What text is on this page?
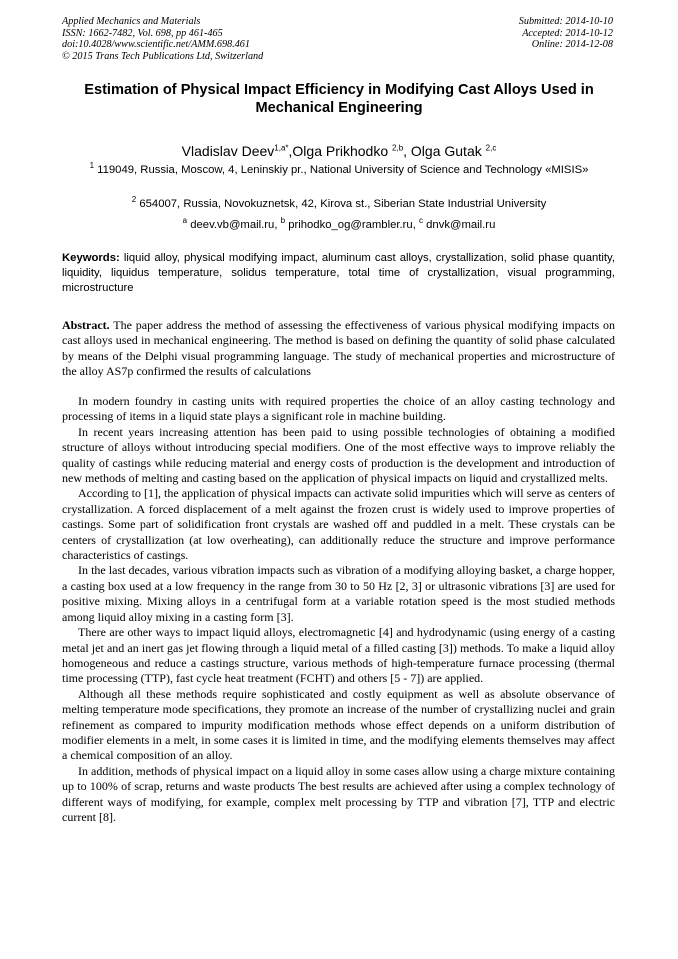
Applied Mechanics and Materials
ISSN: 1662-7482, Vol. 698, pp 461-465
doi:10.4028/www.scientific.net/AMM.698.461
© 2015 Trans Tech Publications Ltd, Switzerland
Submitted: 2014-10-10
Accepted: 2014-10-12
Online: 2014-12-08
Estimation of Physical Impact Efficiency in Modifying Cast Alloys Used in Mechanical Engineering
Vladislav Deev$^{1,a*}$,Olga Prikhodko $^{2,b}$, Olga Gutak $^{2,c}$
$^1$ 119049, Russia, Moscow, 4, Leninskiy pr., National University of Science and Technology «MISIS»
$^2$ 654007, Russia, Novokuznetsk, 42, Kirova st., Siberian State Industrial University
$^a$ deev.vb@mail.ru, $^b$ prihodko_og@rambler.ru, $^c$ dnvk@mail.ru
Keywords: liquid alloy, physical modifying impact, aluminum cast alloys, crystallization, solid phase quantity, liquidity, liquidus temperature, solidus temperature, total time of crystallization, visual programming, microstructure
Abstract. The paper address the method of assessing the effectiveness of various physical modifying impacts on cast alloys used in mechanical engineering. The method is based on defining the quantity of solid phase calculated by means of the Delphi visual programming language. The study of mechanical properties and microstructure of the alloy AS7p confirmed the results of calculations

In modern foundry in casting units with required properties the choice of an alloy casting technology and processing of items in a liquid state plays a significant role in machine building.

In recent years increasing attention has been paid to using possible technologies of obtaining a modified structure of alloys without introducing special modifiers. One of the most effective ways to improve reliably the quality of castings while reducing material and energy costs of production is the development and introduction of new methods of melting and casting based on the application of physical impacts on liquid and crystallized melts.

According to [1], the application of physical impacts can activate solid impurities which will serve as centers of crystallization. A forced displacement of a melt against the frozen crust is widely used to improve properties of castings. Some part of solidification front crystals are washed off and puddled in a melt. These crystals can be centers of crystallization (at low overheating), can additionally reduce the structure and improve performance characteristics of castings.

In the last decades, various vibration impacts such as vibration of a modifying alloying basket, a charge hopper, a casting box used at a low frequency in the range from 30 to 50 Hz [2, 3] or ultrasonic vibrations [3] are used for positive mixing. Mixing alloys in a centrifugal form at a variable rotation speed is the most studied methods among liquid alloy mixing in a casting form [3].

There are other ways to impact liquid alloys, electromagnetic [4] and hydrodynamic (using energy of a casting metal jet and an inert gas jet flowing through a liquid metal of a filled casting [3]) methods. To make a liquid alloy homogeneous and reduce a castings structure, various methods of high-temperature furnace processing (thermal time processing (TTP), fast cycle heat treatment (FCHT) and others [5 - 7]) are applied.

Although all these methods require sophisticated and costly equipment as well as absolute observance of melting temperature mode specifications, they promote an increase of the number of crystallizing nuclei and grain refinement as compared to impurity modification methods whose effect depends on a uniform distribution of modifier elements in a melt, in some cases it is limited in time, and the modifying elements themselves may affect a chemical composition of an alloy.

In addition, methods of physical impact on a liquid alloy in some cases allow using a charge mixture containing up to 100% of scrap, returns and waste products The best results are achieved after using a complex technology of different ways of modifying, for example, complex melt processing by TTP and vibration [7], TTP and electric current [8].
